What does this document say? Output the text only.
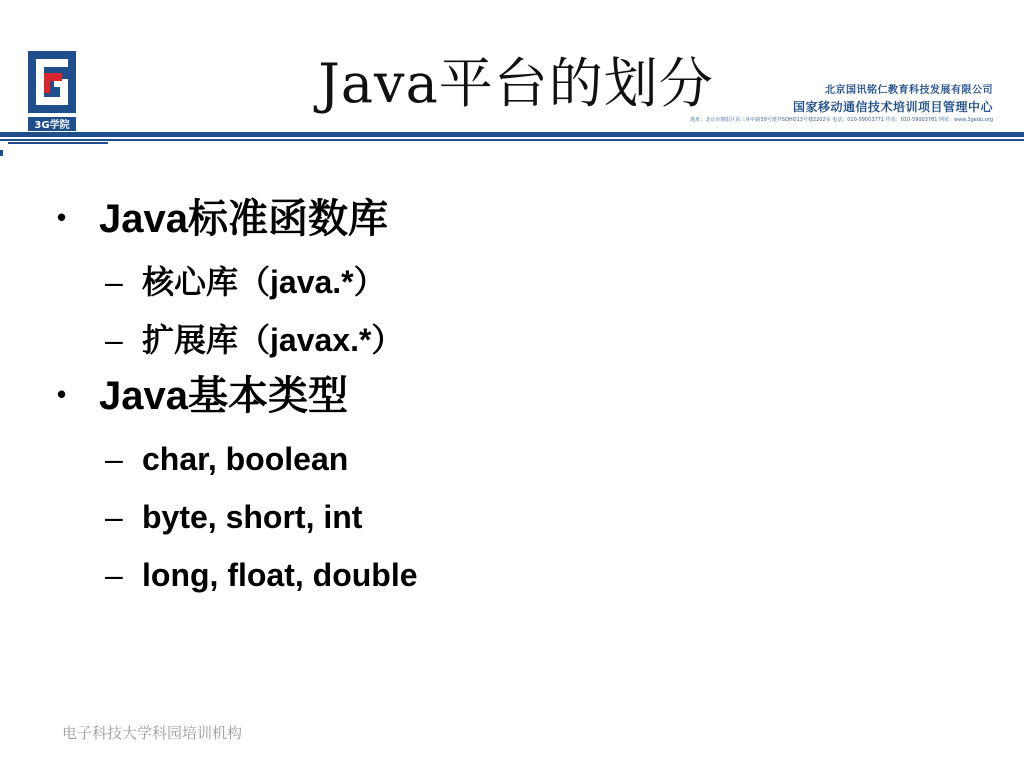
3G学院
Java平台的划分	北京国讯铭仁教育科技发展有限公司
国家移动通信技术培训项目管理中心
地址：北京市朝阳区东三环中路39号建外SOHO13号楼2202室 电话：010-59003771 传真：010-59003781 网址：www.3gedu.org
• Java标准函数库
– 核心库（java.*）
– 扩展库（javax.*）
• Java基本类型
– char, boolean
– byte, short, int
– long, float, double
电子科技大学科园培训机构
